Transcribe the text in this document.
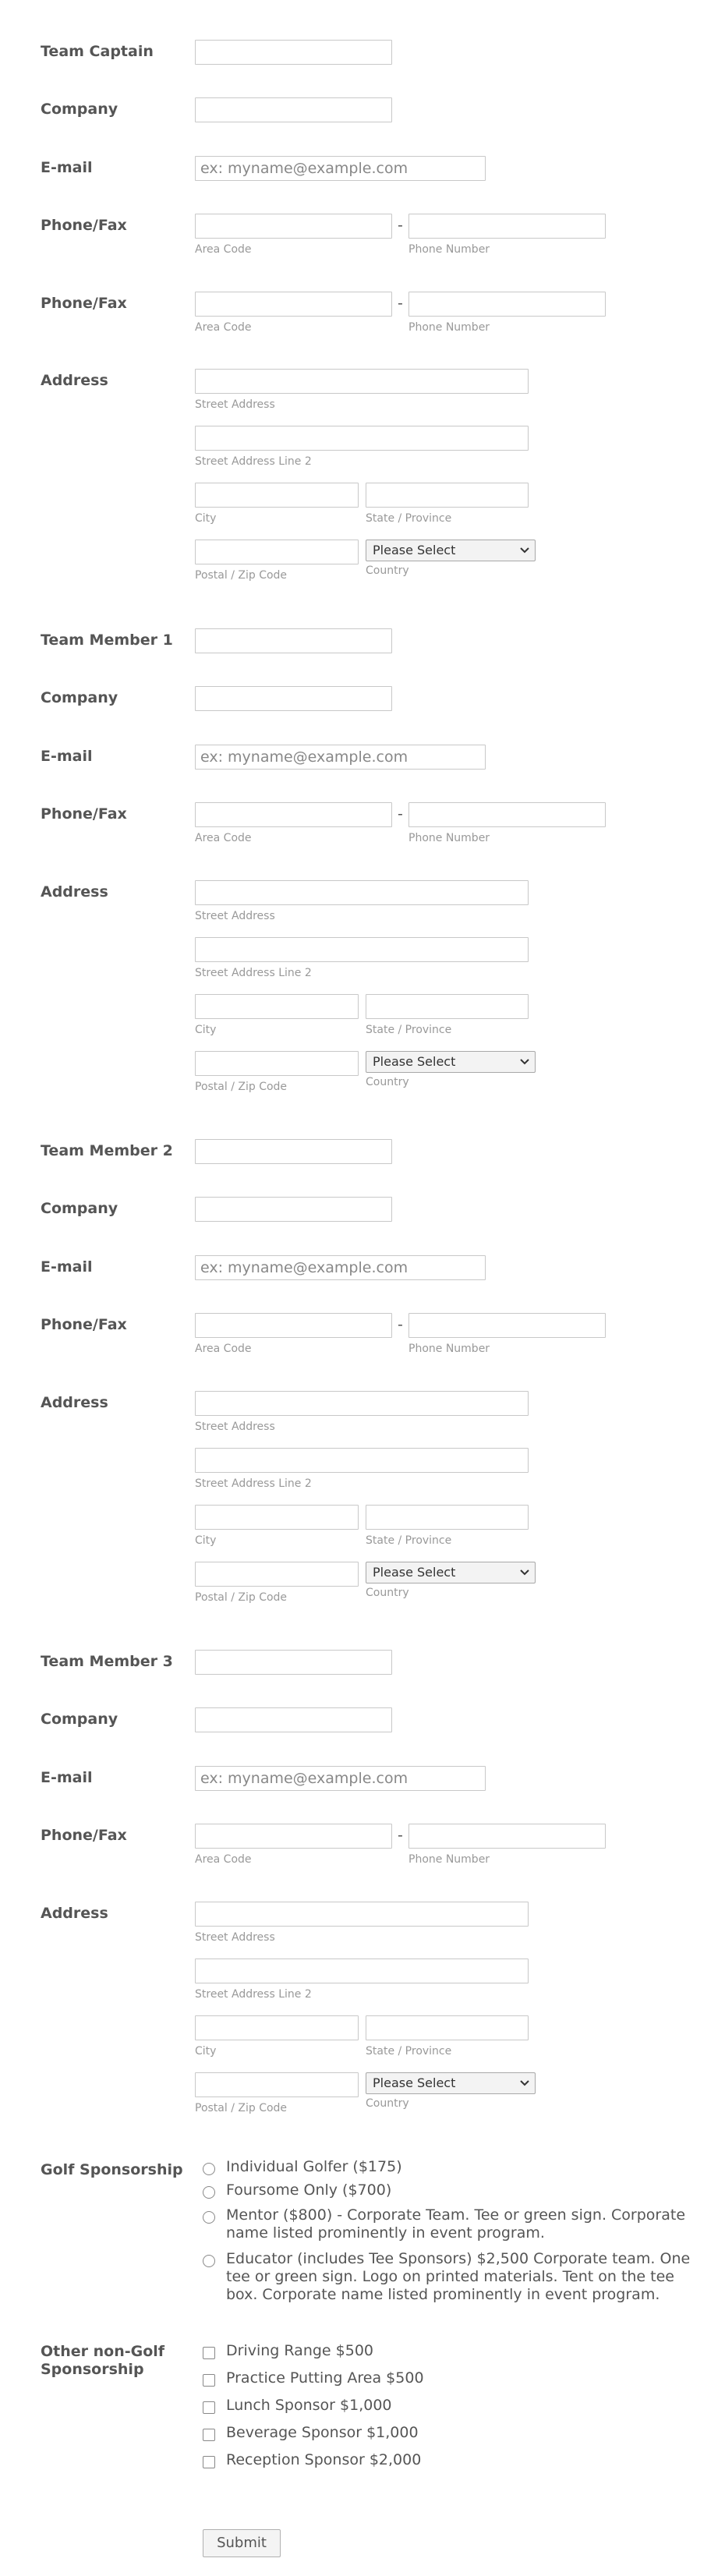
Team Captain
Company
E-mail	ex: myname@example.com
Phone/Fax	-
Area Code	Phone Number
Phone/Fax	-
Area Code	Phone Number
Address
Street Address
Street Address Line 2
City	State / Province
Please Select
Postal / Zip Code	Country
Team Member 1
Company
E-mail	ex: myname@example.com
Phone/Fax	-
Area Code	Phone Number
Address
Street Address
Street Address Line 2
City	State / Province
Please Select
Postal / Zip Code	Country
Team Member 2
Company
E-mail	ex: myname@example.com
Phone/Fax	-
Area Code	Phone Number
Address
Street Address
Street Address Line 2
City	State / Province
Please Select
Postal / Zip Code	Country
Team Member 3
Company
E-mail	ex: myname@example.com
Phone/Fax	-
Area Code	Phone Number
Address
Street Address
Street Address Line 2
City	State / Province
Please Select
Postal / Zip Code	Country
Golf Sponsorship	Individual Golfer ($175)
Foursome Only ($700)
Mentor ($800) - Corporate Team. Tee or green sign. Corporate name listed prominently in event program.
Educator (includes Tee Sponsors) $2,500 Corporate team. One tee or green sign. Logo on printed materials. Tent on the tee box. Corporate name listed prominently in event program.
Other non-Golf Sponsorship
Driving Range $500
Practice Putting Area $500
Lunch Sponsor $1,000
Beverage Sponsor $1,000
Reception Sponsor $2,000
Submit
